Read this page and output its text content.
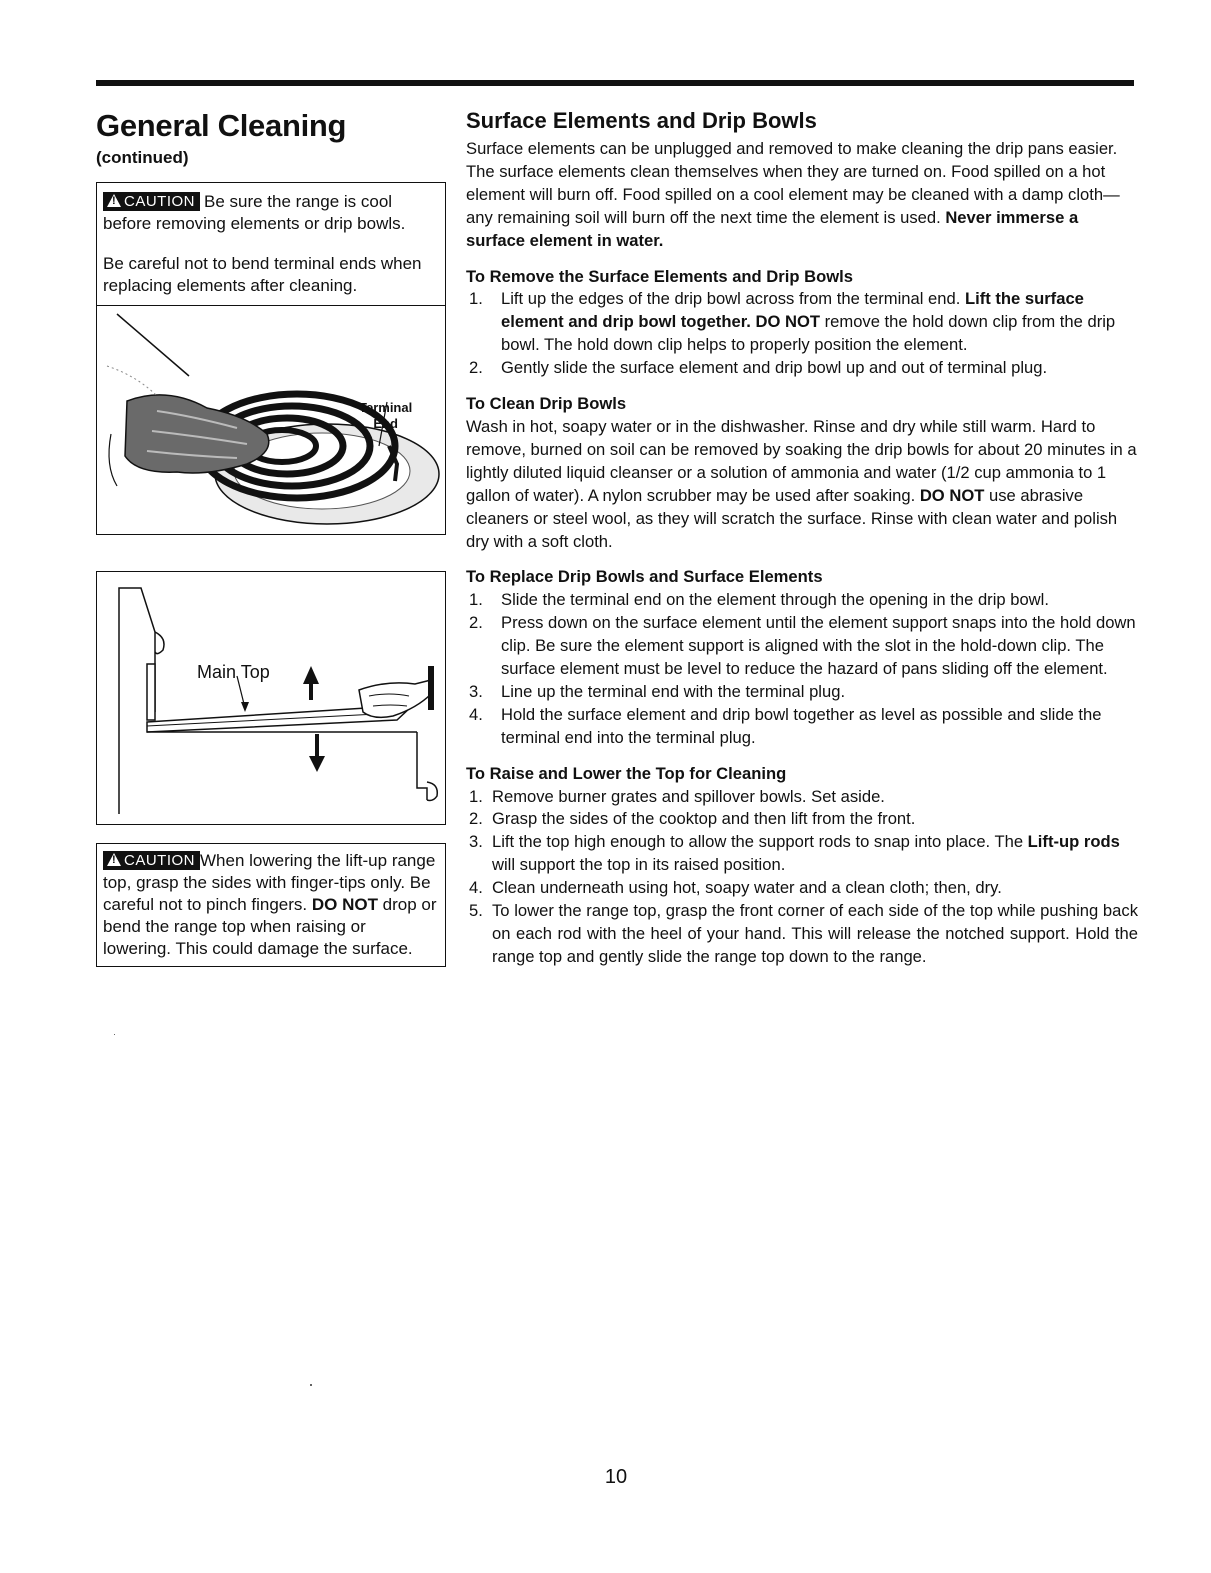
General Cleaning
(continued)

! CAUTION Be sure the range is cool before removing elements or drip bowls.

Be careful not to bend terminal ends when replacing elements after cleaning.

Terminal
End
Main Top

! CAUTION When lowering the lift-up range top, grasp the sides with finger-tips only. Be careful not to pinch fingers. DO NOT drop or bend the range top when raising or lowering. This could damage the surface.

Surface Elements and Drip Bowls

Surface elements can be unplugged and removed to make cleaning the drip pans easier. The surface elements clean themselves when they are turned on. Food spilled on a hot element will burn off. Food spilled on a cool element may be cleaned with a damp cloth—any remaining soil will burn off the next time the element is used. Never immerse a surface element in water.

To Remove the Surface Elements and Drip Bowls
1. Lift up the edges of the drip bowl across from the terminal end. Lift the surface element and drip bowl together. DO NOT remove the hold down clip from the drip bowl. The hold down clip helps to properly position the element.
2. Gently slide the surface element and drip bowl up and out of terminal plug.
To Clean Drip Bowls

Wash in hot, soapy water or in the dishwasher. Rinse and dry while still warm. Hard to remove, burned on soil can be removed by soaking the drip bowls for about 20 minutes in a lightly diluted liquid cleanser or a solution of ammonia and water (1/2 cup ammonia to 1 gallon of water). A nylon scrubber may be used after soaking. DO NOT use abrasive cleaners or steel wool, as they will scratch the surface. Rinse with clean water and polish dry with a soft cloth.

To Replace Drip Bowls and Surface Elements
1. Slide the terminal end on the element through the opening in the drip bowl.
2. Press down on the surface element until the element support snaps into the hold down clip. Be sure the element support is aligned with the slot in the hold-down clip. The surface element must be level to reduce the hazard of pans sliding off the element.
3. Line up the terminal end with the terminal plug.
4. Hold the surface element and drip bowl together as level as possible and slide the terminal end into the terminal plug.
To Raise and Lower the Top for Cleaning
1. Remove burner grates and spillover bowls. Set aside.
2. Grasp the sides of the cooktop and then lift from the front.
3. Lift the top high enough to allow the support rods to snap into place. The Lift-up rods will support the top in its raised position.
4. Clean underneath using hot, soapy water and a clean cloth; then, dry.
5. To lower the range top, grasp the front corner of each side of the top while pushing back on each rod with the heel of your hand. This will release the notched support. Hold the range top and gently slide the range top down to the range.
10
